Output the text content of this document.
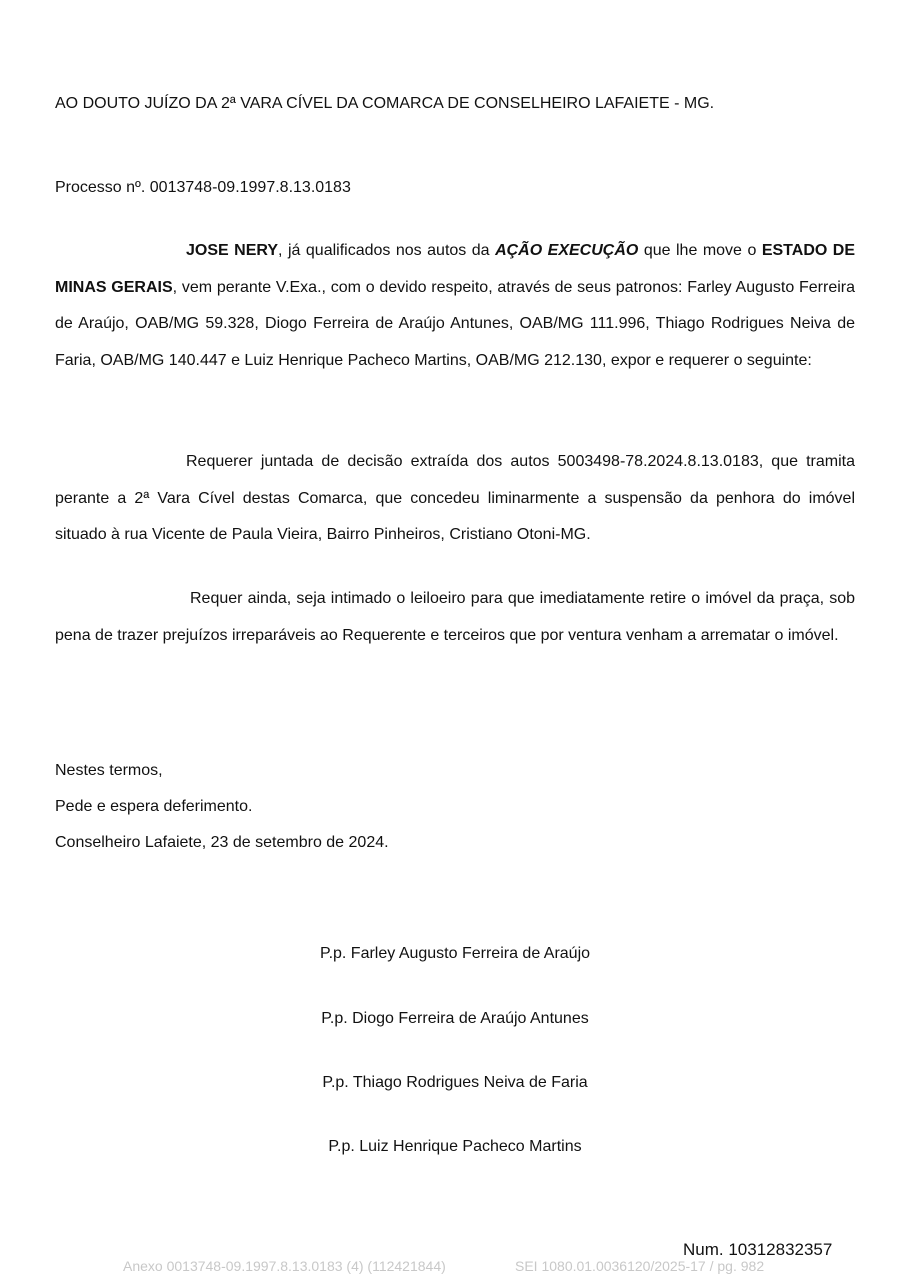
AO DOUTO JUÍZO DA 2ª VARA CÍVEL DA COMARCA DE CONSELHEIRO LAFAIETE - MG.
Processo nº. 0013748-09.1997.8.13.0183
JOSE NERY, já qualificados nos autos da AÇÃO EXECUÇÃO que lhe move o ESTADO DE MINAS GERAIS, vem perante V.Exa., com o devido respeito, através de seus patronos: Farley Augusto Ferreira de Araújo, OAB/MG 59.328, Diogo Ferreira de Araújo Antunes, OAB/MG 111.996, Thiago Rodrigues Neiva de Faria, OAB/MG 140.447 e Luiz Henrique Pacheco Martins, OAB/MG 212.130, expor e requerer o seguinte:
Requerer juntada de decisão extraída dos autos 5003498-78.2024.8.13.0183, que tramita perante a 2ª Vara Cível destas Comarca, que concedeu liminarmente a suspensão da penhora do imóvel situado à rua Vicente de Paula Vieira, Bairro Pinheiros, Cristiano Otoni-MG.
Requer ainda, seja intimado o leiloeiro para que imediatamente retire o imóvel da praça, sob pena de trazer prejuízos irreparáveis ao Requerente e terceiros que por ventura venham a arrematar o imóvel.
Nestes termos,
Pede e espera deferimento.
Conselheiro Lafaiete, 23 de setembro de 2024.
P.p. Farley Augusto Ferreira de Araújo
P.p. Diogo Ferreira de Araújo Antunes
P.p. Thiago Rodrigues Neiva de Faria
P.p. Luiz Henrique Pacheco Martins
Num. 10312832357
Anexo 0013748-09.1997.8.13.0183 (4) (112421844)	SEI 1080.01.0036120/2025-17 / pg. 982
